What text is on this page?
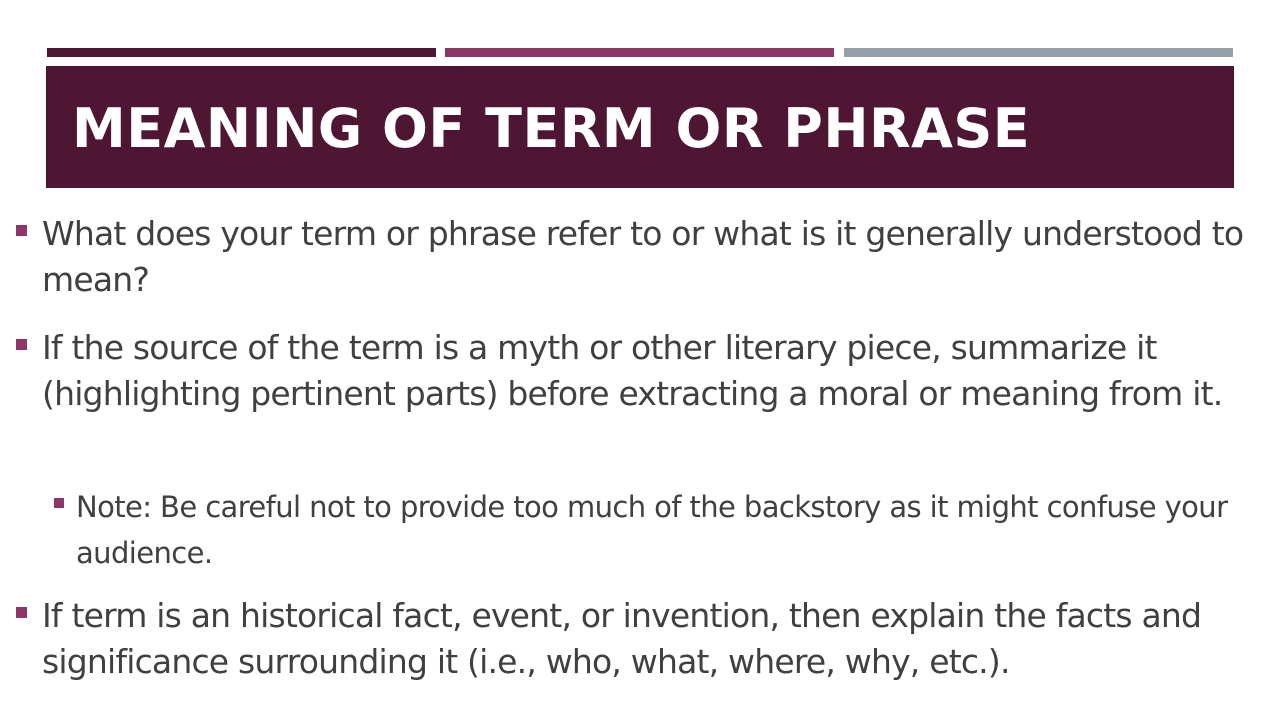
MEANING OF TERM OR PHRASE
What does your term or phrase refer to or what is it generally understood to mean?
If the source of the term is a myth or other literary piece, summarize it (highlighting pertinent parts) before extracting a moral or meaning from it.
Note: Be careful not to provide too much of the backstory as it might confuse your audience.
If term is an historical fact, event, or invention, then explain the facts and significance surrounding it (i.e., who, what, where, why, etc.).
